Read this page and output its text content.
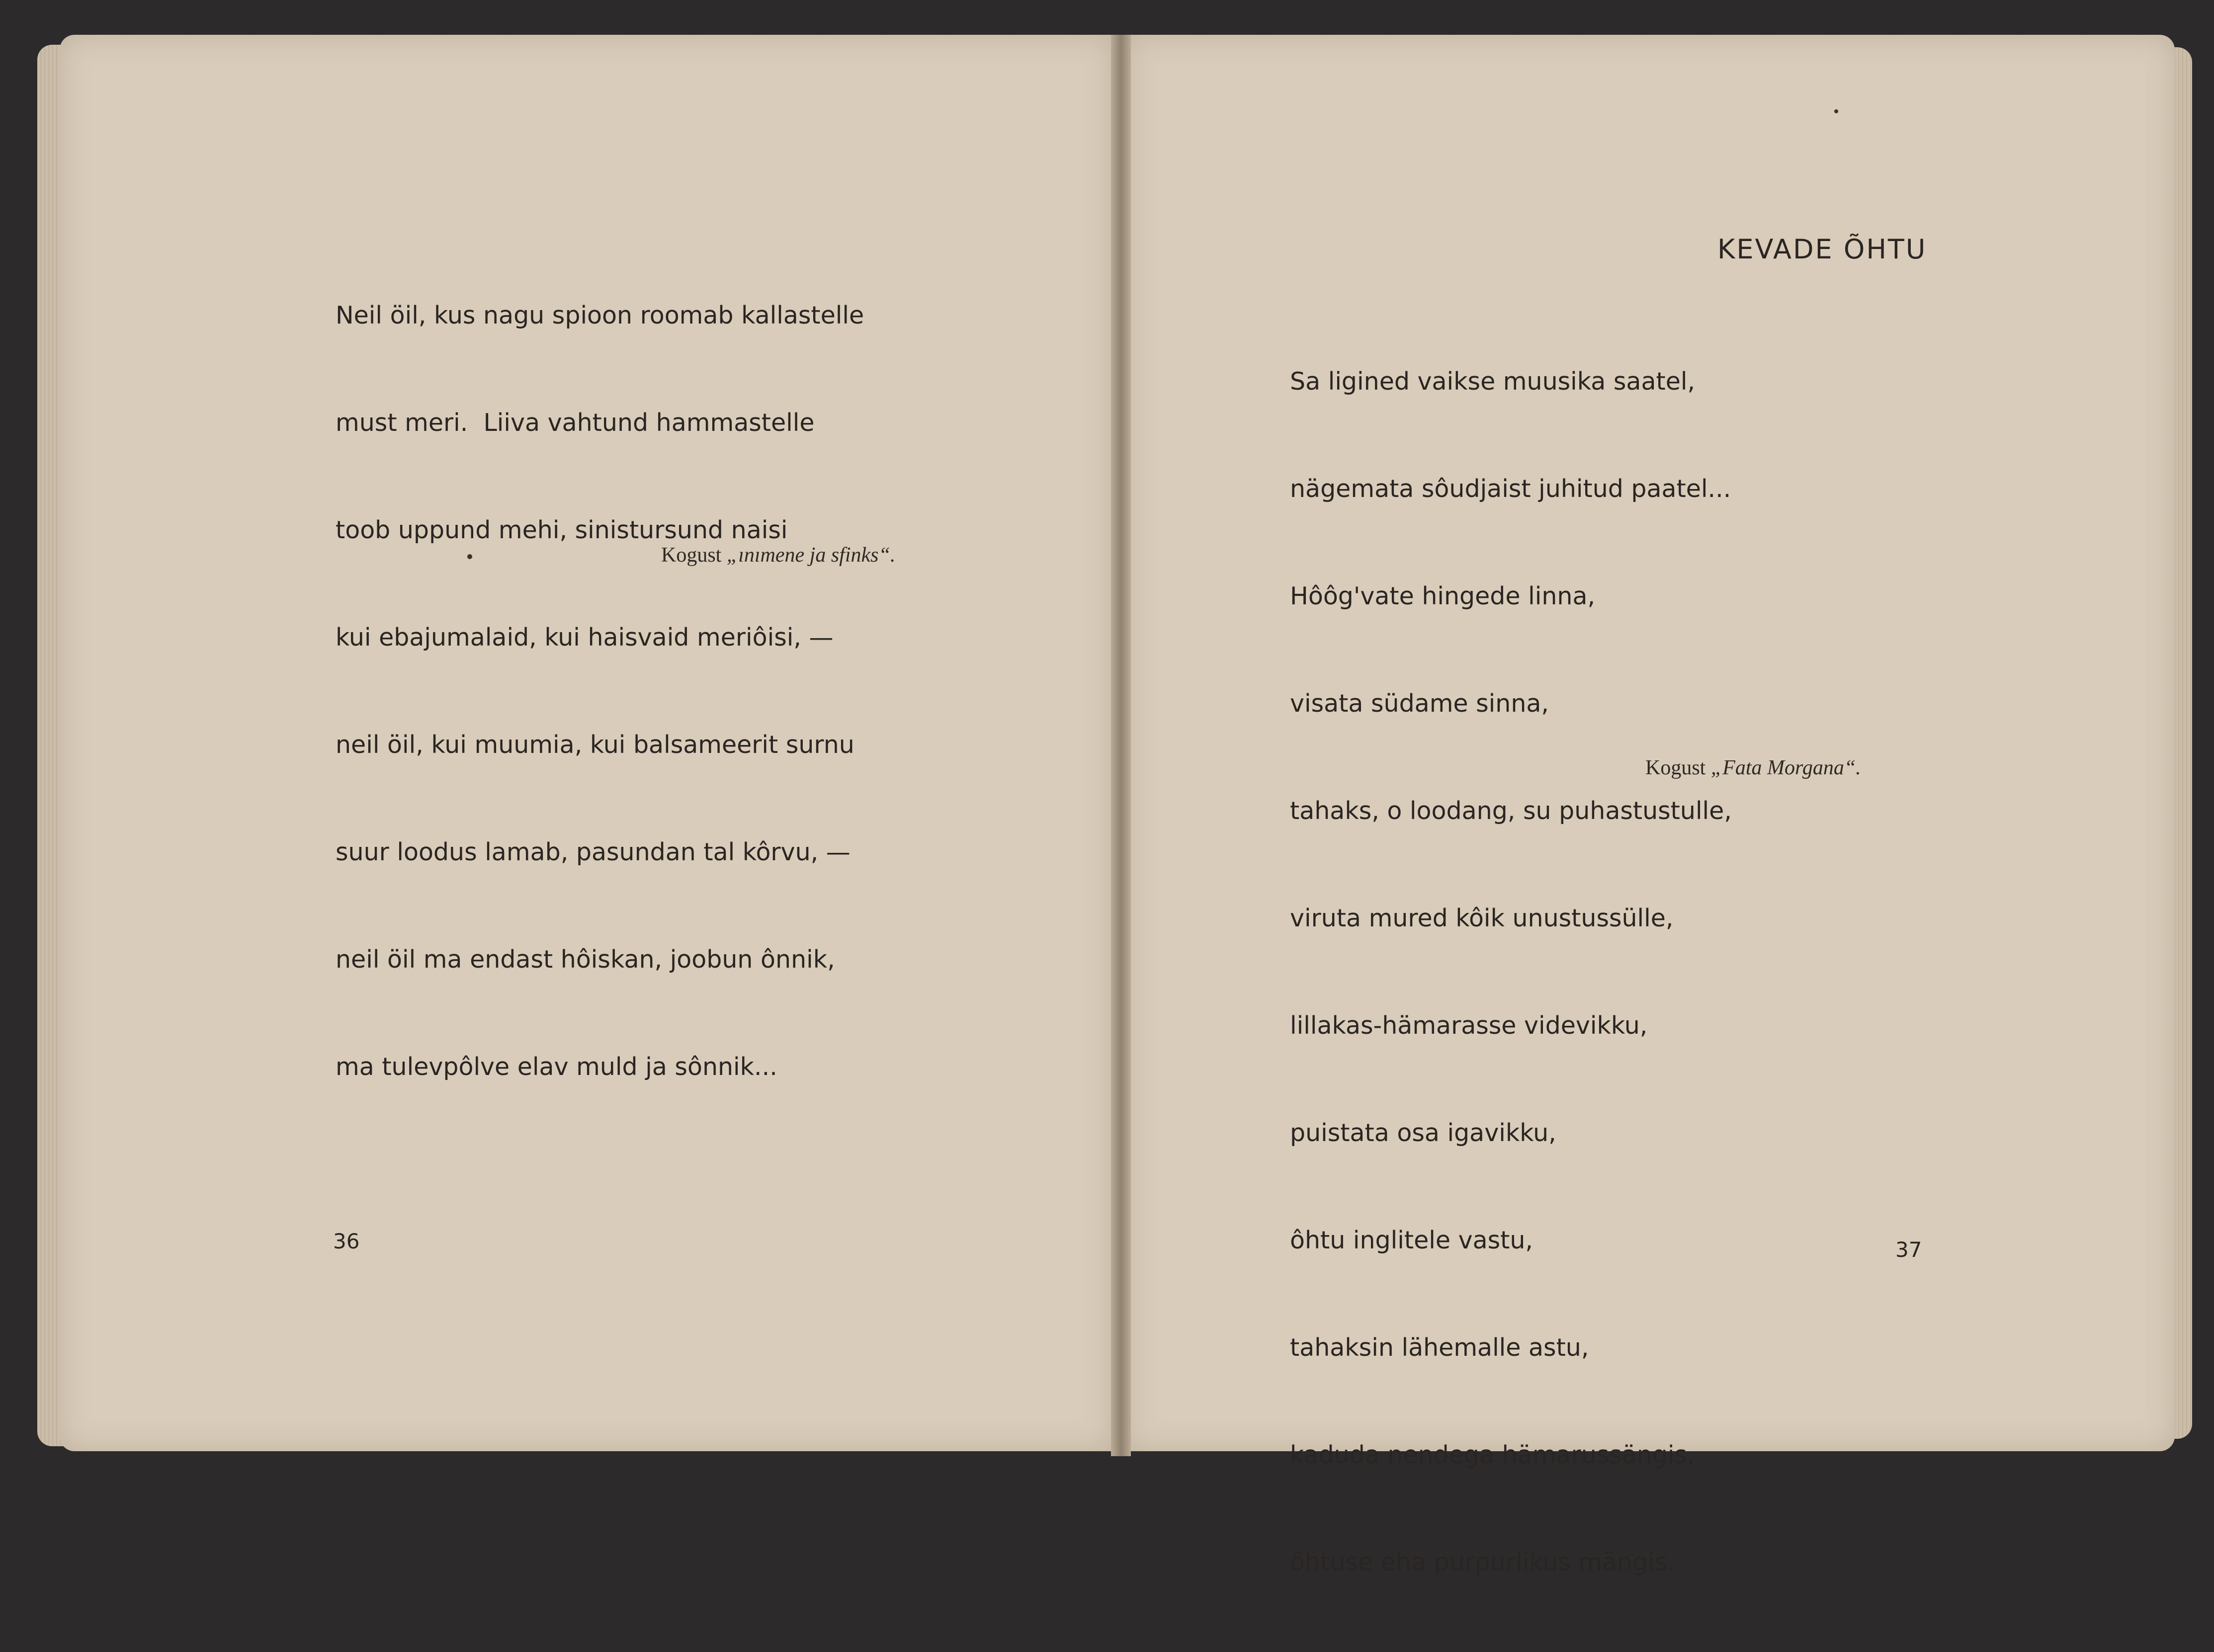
Neil öil, kus nagu spioon roomab kallastelle

must meri.  Liiva vahtund hammastelle

toob uppund mehi, sinistursund naisi

kui ebajumalaid, kui haisvaid meriôisi, —

neil öil, kui muumia, kui balsameerit surnu

suur loodus lamab, pasundan tal kôrvu, —

neil öil ma endast hôiskan, joobun ônnik,

ma tulevpôlve elav muld ja sônnik...

Kogust „ınımene ja sfinks“.
36
KEVADE ÕHTU

Sa ligined vaikse muusika saatel,

nägemata sôudjaist juhitud paatel...

Hôôg'vate hingede linna,

visata südame sinna,

tahaks, o loodang, su puhastustulle,

viruta mured kôik unustussülle,

lillakas-hämarasse videvikku,

puistata osa igavikku,

ôhtu inglitele vastu,

tahaksin lähemalle astu,

kaduda nendega hämarussängis,

ôhtuse eha purpurlikus mängis.

Kogust „Fata Morgana“.
37
